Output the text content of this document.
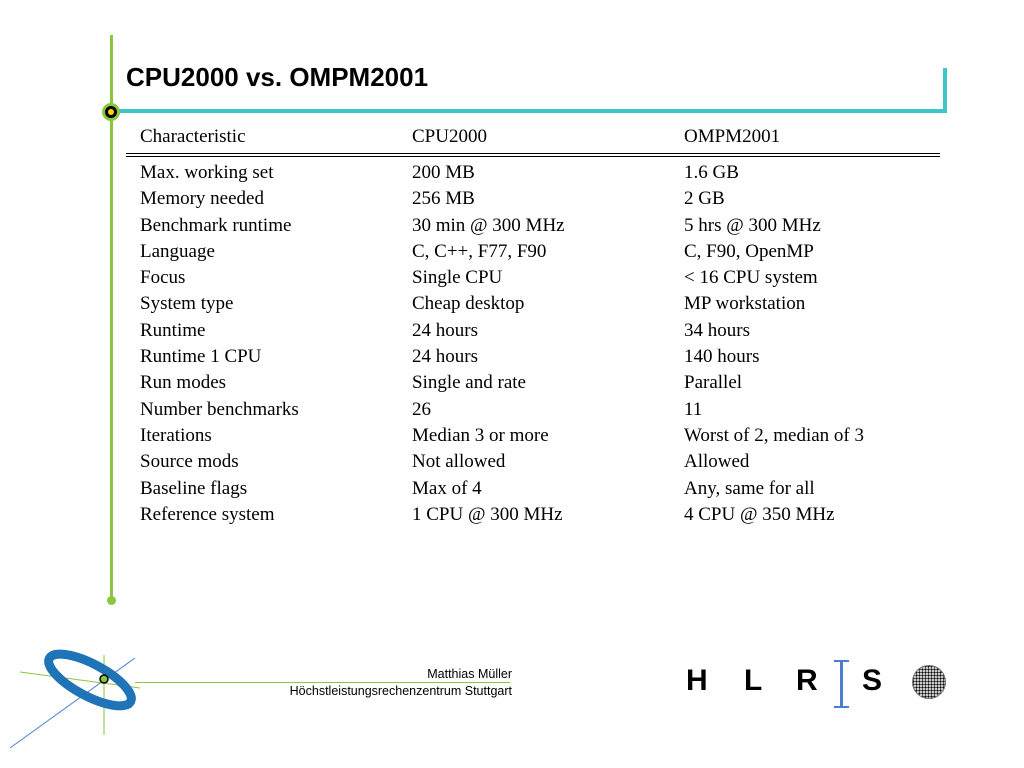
CPU2000 vs. OMPM2001
Characteristic	CPU2000	OMPM2001
Max. working set	200 MB	1.6 GB
Memory needed	256 MB	2 GB
Benchmark runtime	30 min @ 300 MHz	5 hrs @ 300 MHz
Language	C, C++, F77, F90	C, F90, OpenMP
Focus	Single CPU	< 16 CPU system
System type	Cheap desktop	MP workstation
Runtime	24 hours	34 hours
Runtime 1 CPU	24 hours	140 hours
Run modes	Single and rate	Parallel
Number benchmarks	26	11
Iterations	Median 3 or more	Worst of 2, median of 3
Source mods	Not allowed	Allowed
Baseline flags	Max of 4	Any, same for all
Reference system	1 CPU @ 300 MHz	4 CPU @ 350 MHz
Matthias Müller
Höchstleistungsrechenzentrum Stuttgart	H L R S
